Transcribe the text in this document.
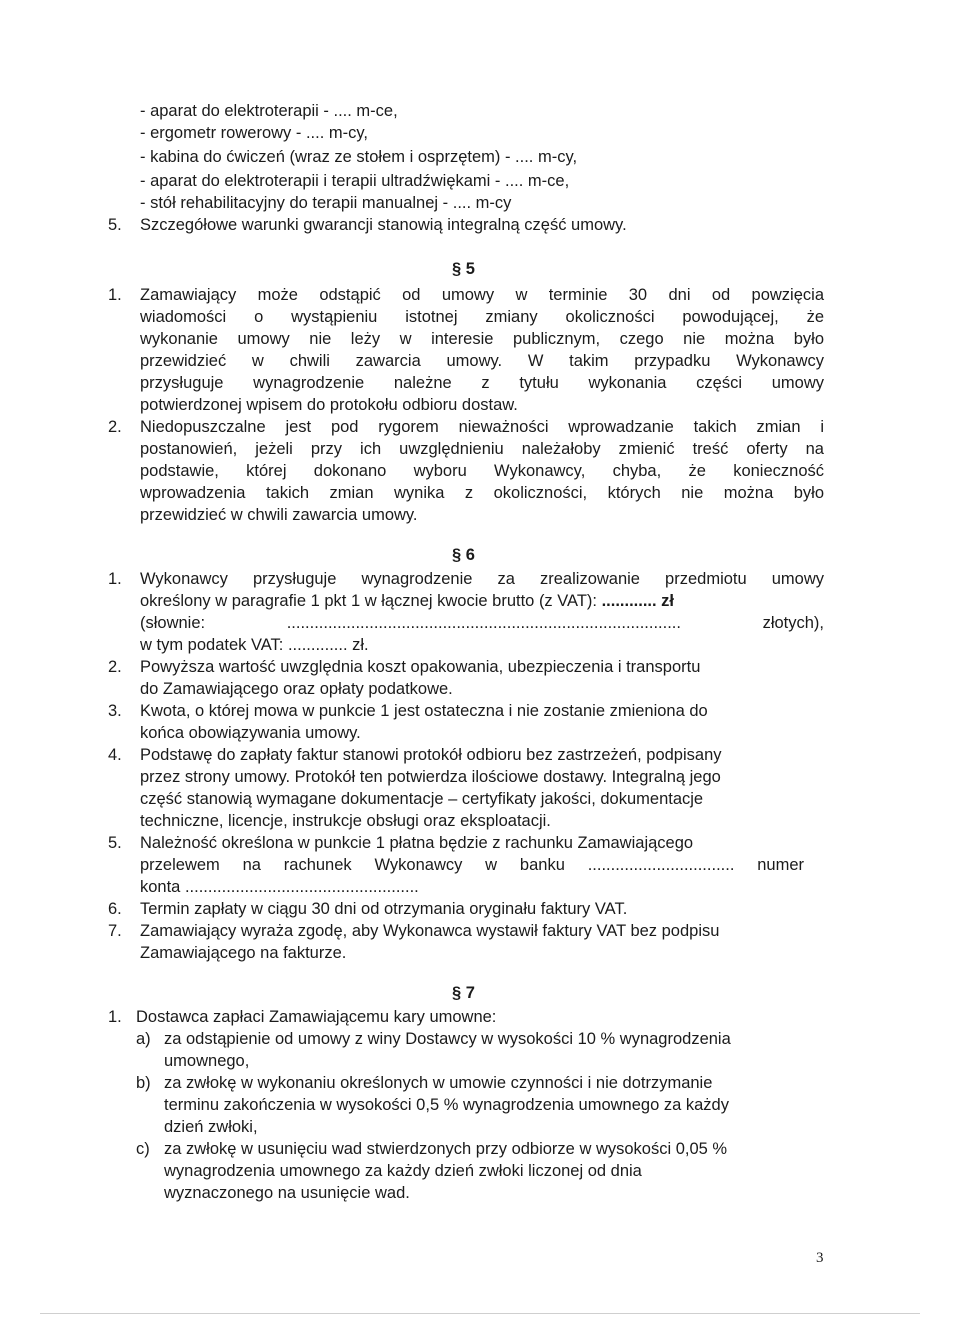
- aparat do elektroterapii - .... m-ce,
- ergometr rowerowy - .... m-cy,
- kabina do ćwiczeń (wraz ze stołem i osprzętem) - .... m-cy,
- aparat do elektroterapii i terapii ultradźwiękami - .... m-ce,
- stół rehabilitacyjny do terapii manualnej - .... m-cy
5. Szczegółowe warunki gwarancji stanowią integralną część umowy.
§ 5
1. Zamawiający może odstąpić od umowy w terminie 30 dni od powzięcia
wiadomości o wystąpieniu istotnej zmiany okoliczności powodującej, że
wykonanie umowy nie leży w interesie publicznym, czego nie można było
przewidzieć w chwili zawarcia umowy. W takim przypadku Wykonawcy
przysługuje wynagrodzenie należne z tytułu wykonania części umowy
potwierdzonej wpisem do protokołu odbioru dostaw.
2. Niedopuszczalne jest pod rygorem nieważności wprowadzanie takich zmian i
postanowień, jeżeli przy ich uwzględnieniu należałoby zmienić treść oferty na
podstawie, której dokonano wyboru Wykonawcy, chyba, że konieczność
wprowadzenia takich zmian wynika z okoliczności, których nie można było
przewidzieć w chwili zawarcia umowy.
§ 6
1. Wykonawcy przysługuje wynagrodzenie za zrealizowanie przedmiotu umowy
określony w paragrafie 1 pkt 1 w łącznej kwocie brutto (z VAT): ............ zł
(słownie: ...................................................................................... złotych),
w tym podatek VAT: ............. zł.
2. Powyższa wartość uwzględnia koszt opakowania, ubezpieczenia i transportu
do Zamawiającego oraz opłaty podatkowe.
3. Kwota, o której mowa w punkcie 1 jest ostateczna i nie zostanie zmieniona do
końca obowiązywania umowy.
4. Podstawę do zapłaty faktur stanowi protokół odbioru bez zastrzeżeń, podpisany
przez strony umowy. Protokół ten potwierdza ilościowe dostawy. Integralną jego
część stanowią wymagane dokumentacje – certyfikaty jakości, dokumentacje
techniczne, licencje, instrukcje obsługi oraz eksploatacji.
5. Należność określona w punkcie 1 płatna będzie z rachunku Zamawiającego
przelewem na rachunek Wykonawcy w banku ................................ numer
konta ...................................................
6. Termin zapłaty w ciągu 30 dni od otrzymania oryginału faktury VAT.
7. Zamawiający wyraża zgodę, aby Wykonawca wystawił faktury VAT bez podpisu
Zamawiającego na fakturze.
§ 7
1. Dostawca zapłaci Zamawiającemu kary umowne:
a) za odstąpienie od umowy z winy Dostawcy w wysokości 10 % wynagrodzenia
umownego,
b) za zwłokę w wykonaniu określonych w umowie czynności i nie dotrzymanie
terminu zakończenia w wysokości 0,5 % wynagrodzenia umownego za każdy
dzień zwłoki,
c) za zwłokę w usunięciu wad stwierdzonych przy odbiorze w wysokości 0,05 %
wynagrodzenia umownego za każdy dzień zwłoki liczonej od dnia
wyznaczonego na usunięcie wad.
3
